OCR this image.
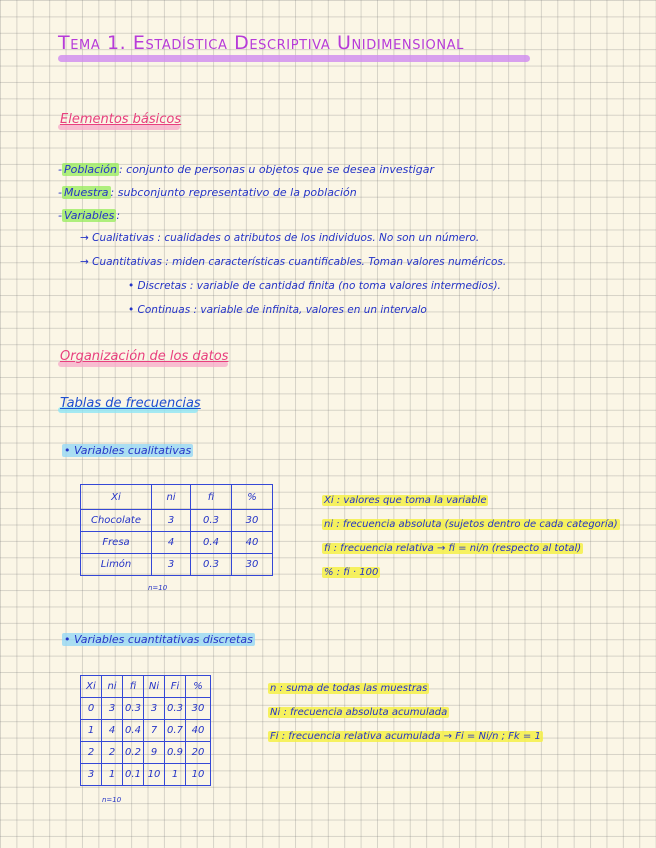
Tema 1. Estadística Descriptiva Unidimensional
Elementos básicos
- Población : conjunto de personas u objetos que se desea investigar
- Muestra : subconjunto representativo de la población
- Variables :
→ Cualitativas : cualidades o atributos de los individuos. No son un número.
→ Cuantitativas : miden características cuantificables. Toman valores numéricos.
• Discretas : variable de cantidad finita (no toma valores intermedios).
• Continuas : variable de infinita, valores en un intervalo
Organización de los datos
Tablas de frecuencias
• Variables cualitativas
Xi	ni	fi	%
Chocolate	3	0.3	30
Fresa	4	0.4	40
Limón	3	0.3	30
n=10
Xi : valores que toma la variable
ni : frecuencia absoluta (sujetos dentro de cada categoría)
fi : frecuencia relativa → fi = ni/n (respecto al total)
% : fi · 100
• Variables cuantitativas discretas
Xi	ni	fi	Ni	Fi	%
0	3	0.3	3	0.3	30
1	4	0.4	7	0.7	40
2	2	0.2	9	0.9	20
3	1	0.1	10	1	10
n=10
n : suma de todas las muestras
Ni : frecuencia absoluta acumulada
Fi : frecuencia relativa acumulada → Fi = Ni/n ; Fk = 1
